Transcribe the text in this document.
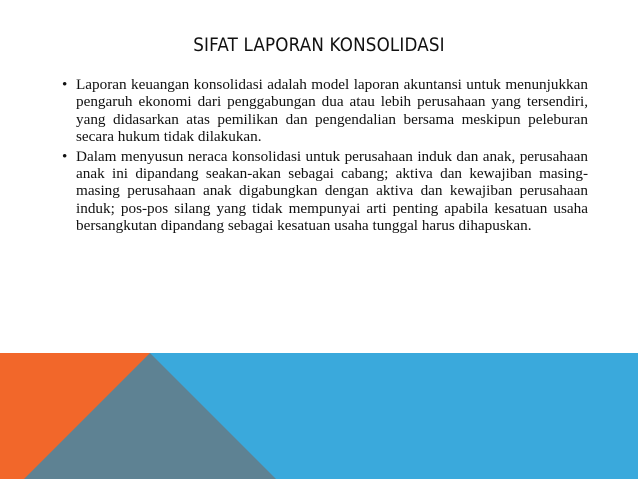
SIFAT LAPORAN KONSOLIDASI
• Laporan keuangan konsolidasi adalah model laporan akuntansi untuk menunjukkan pengaruh ekonomi dari penggabungan dua atau lebih perusahaan yang tersendiri, yang didasarkan atas pemilikan dan pengendalian bersama meskipun peleburan secara hukum tidak dilakukan.
• Dalam menyusun neraca konsolidasi untuk perusahaan induk dan anak, perusahaan anak ini dipandang seakan-akan sebagai cabang; aktiva dan kewajiban masing-masing perusahaan anak digabungkan dengan aktiva dan kewajiban perusahaan induk; pos-pos silang yang tidak mempunyai arti penting apabila kesatuan usaha bersangkutan dipandang sebagai kesatuan usaha tunggal harus dihapuskan.
